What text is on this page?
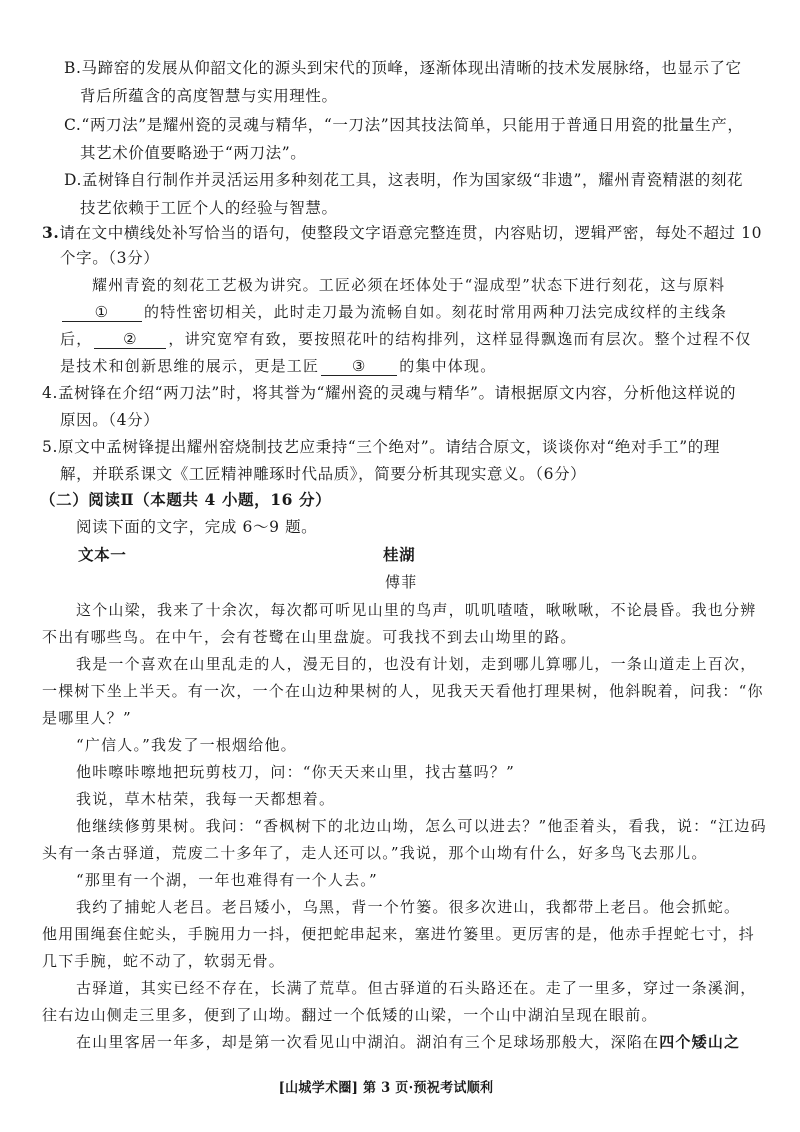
B.马蹄窑的发展从仰韶文化的源头到宋代的顶峰，逐渐体现出清晰的技术发展脉络，也显示了它
背后所蕴含的高度智慧与实用理性。
C.“两刀法”是耀州瓷的灵魂与精华，“一刀法”因其技法简单，只能用于普通日用瓷的批量生产，
其艺术价值要略逊于“两刀法”。
D.孟树锋自行制作并灵活运用多种刻花工具，这表明，作为国家级“非遗”，耀州青瓷精湛的刻花
技艺依赖于工匠个人的经验与智慧。
3.请在文中横线处补写恰当的语句，使整段文字语意完整连贯，内容贴切，逻辑严密，每处不超过 10
个字。（3分）
耀州青瓷的刻花工艺极为讲究。工匠必须在坯体处于“湿成型”状态下进行刻花，这与原料
① 的特性密切相关，此时走刀最为流畅自如。刻花时常用两种刀法完成纹样的主线条
后， ② ，讲究宽窄有致，要按照花叶的结构排列，这样显得飘逸而有层次。整个过程不仅
是技术和创新思维的展示，更是工匠 ③ 的集中体现。
4.孟树锋在介绍“两刀法”时，将其誉为“耀州瓷的灵魂与精华”。请根据原文内容，分析他这样说的
原因。（4分）
5.原文中孟树锋提出耀州窑烧制技艺应秉持“三个绝对”。请结合原文，谈谈你对“绝对手工”的理
解，并联系课文《工匠精神雕琢时代品质》，简要分析其现实意义。（6分）
（二）阅读Ⅱ（本题共 4 小题，16 分）
阅读下面的文字，完成 6～9 题。
文本一	桂湖
傅菲
这个山梁，我来了十余次，每次都可听见山里的鸟声，叽叽喳喳，啾啾啾，不论晨昏。我也分辨
不出有哪些鸟。在中午，会有苍鹭在山里盘旋。可我找不到去山坳里的路。
我是一个喜欢在山里乱走的人，漫无目的，也没有计划，走到哪儿算哪儿，一条山道走上百次，
一棵树下坐上半天。有一次，一个在山边种果树的人，见我天天看他打理果树，他斜睨着，问我：“你
是哪里人？”
“广信人。”我发了一根烟给他。
他咔嚓咔嚓地把玩剪枝刀，问：“你天天来山里，找古墓吗？”
我说，草木枯荣，我每一天都想着。
他继续修剪果树。我问：“香枫树下的北边山坳，怎么可以进去？”他歪着头，看我，说：“江边码
头有一条古驿道，荒废二十多年了，走人还可以。”我说，那个山坳有什么，好多鸟飞去那儿。
“那里有一个湖，一年也难得有一个人去。”
我约了捕蛇人老吕。老吕矮小，乌黑，背一个竹篓。很多次进山，我都带上老吕。他会抓蛇。
他用围绳套住蛇头，手腕用力一抖，便把蛇串起来，塞进竹篓里。更厉害的是，他赤手捏蛇七寸，抖
几下手腕，蛇不动了，软弱无骨。
古驿道，其实已经不存在，长满了荒草。但古驿道的石头路还在。走了一里多，穿过一条溪涧，
往右边山侧走三里多，便到了山坳。翻过一个低矮的山梁，一个山中湖泊呈现在眼前。
在山里客居一年多，却是第一次看见山中湖泊。湖泊有三个足球场那般大，深陷在四个矮山之
[山城学术圈] 第 3 页·预祝考试顺利
